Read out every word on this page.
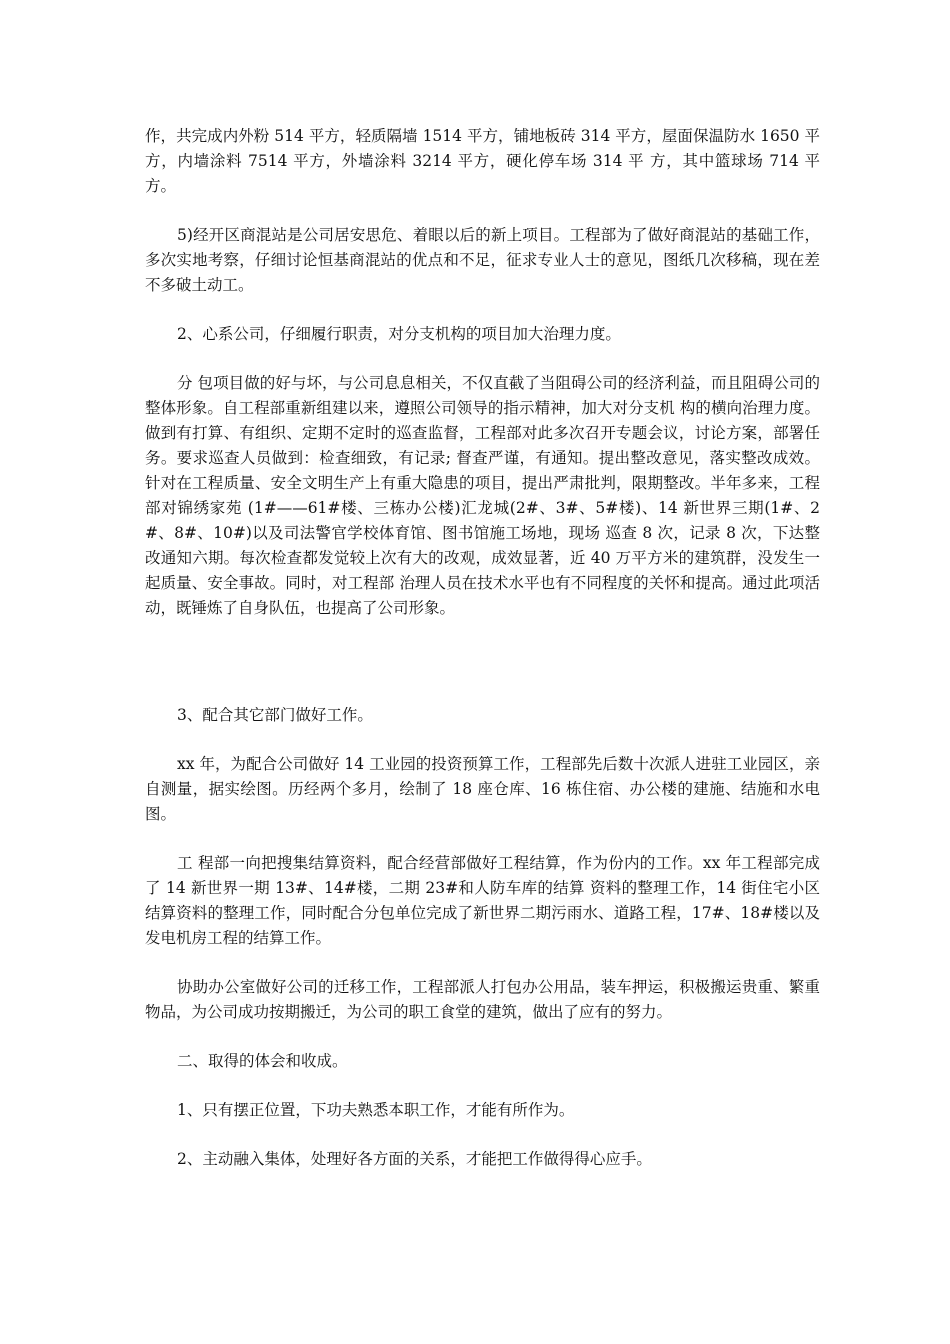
作，共完成内外粉 514 平方，轻质隔墙 1514 平方，铺地板砖 314 平方，屋面保温防水 1650 平方，内墙涂料 7514 平方，外墙涂料 3214 平方，硬化停车场 314 平 方，其中篮球场 714 平方。

5)经开区商混站是公司居安思危、着眼以后的新上项目。工程部为了做好商混站的基础工作，多次实地考察，仔细讨论恒基商混站的优点和不足，征求专业人士的意见，图纸几次移稿，现在差不多破土动工。

2、心系公司，仔细履行职责，对分支机构的项目加大治理力度。

分 包项目做的好与坏，与公司息息相关，不仅直截了当阻碍公司的经济利益，而且阻碍公司的整体形象。自工程部重新组建以来，遵照公司领导的指示精神，加大对分支机 构的横向治理力度。做到有打算、有组织、定期不定时的巡查监督，工程部对此多次召开专题会议，讨论方案，部署任务。要求巡查人员做到：检查细致，有记录; 督查严谨，有通知。提出整改意见，落实整改成效。针对在工程质量、安全文明生产上有重大隐患的项目，提出严肃批判，限期整改。半年多来，工程部对锦绣家苑 (1#——61#楼、三栋办公楼)汇龙城(2#、3#、5#楼)、14 新世界三期(1#、2#、8#、10#)以及司法警官学校体育馆、图书馆施工场地，现场 巡查 8 次，记录 8 次，下达整改通知六期。每次检查都发觉较上次有大的改观，成效显著，近 40 万平方米的建筑群，没发生一起质量、安全事故。同时，对工程部 治理人员在技术水平也有不同程度的关怀和提高。通过此项活动，既锤炼了自身队伍，也提高了公司形象。

3、配合其它部门做好工作。

xx 年，为配合公司做好 14 工业园的投资预算工作，工程部先后数十次派人进驻工业园区，亲自测量，据实绘图。历经两个多月，绘制了 18 座仓库、16 栋住宿、办公楼的建施、结施和水电图。

工 程部一向把搜集结算资料，配合经营部做好工程结算，作为份内的工作。xx 年工程部完成了 14 新世界一期 13#、14#楼，二期 23#和人防车库的结算 资料的整理工作，14 街住宅小区结算资料的整理工作，同时配合分包单位完成了新世界二期污雨水、道路工程，17#、18#楼以及发电机房工程的结算工作。

协助办公室做好公司的迁移工作，工程部派人打包办公用品，装车押运，积极搬运贵重、繁重物品，为公司成功按期搬迁，为公司的职工食堂的建筑，做出了应有的努力。

二、取得的体会和收成。

1、只有摆正位置，下功夫熟悉本职工作，才能有所作为。

2、主动融入集体，处理好各方面的关系，才能把工作做得得心应手。
